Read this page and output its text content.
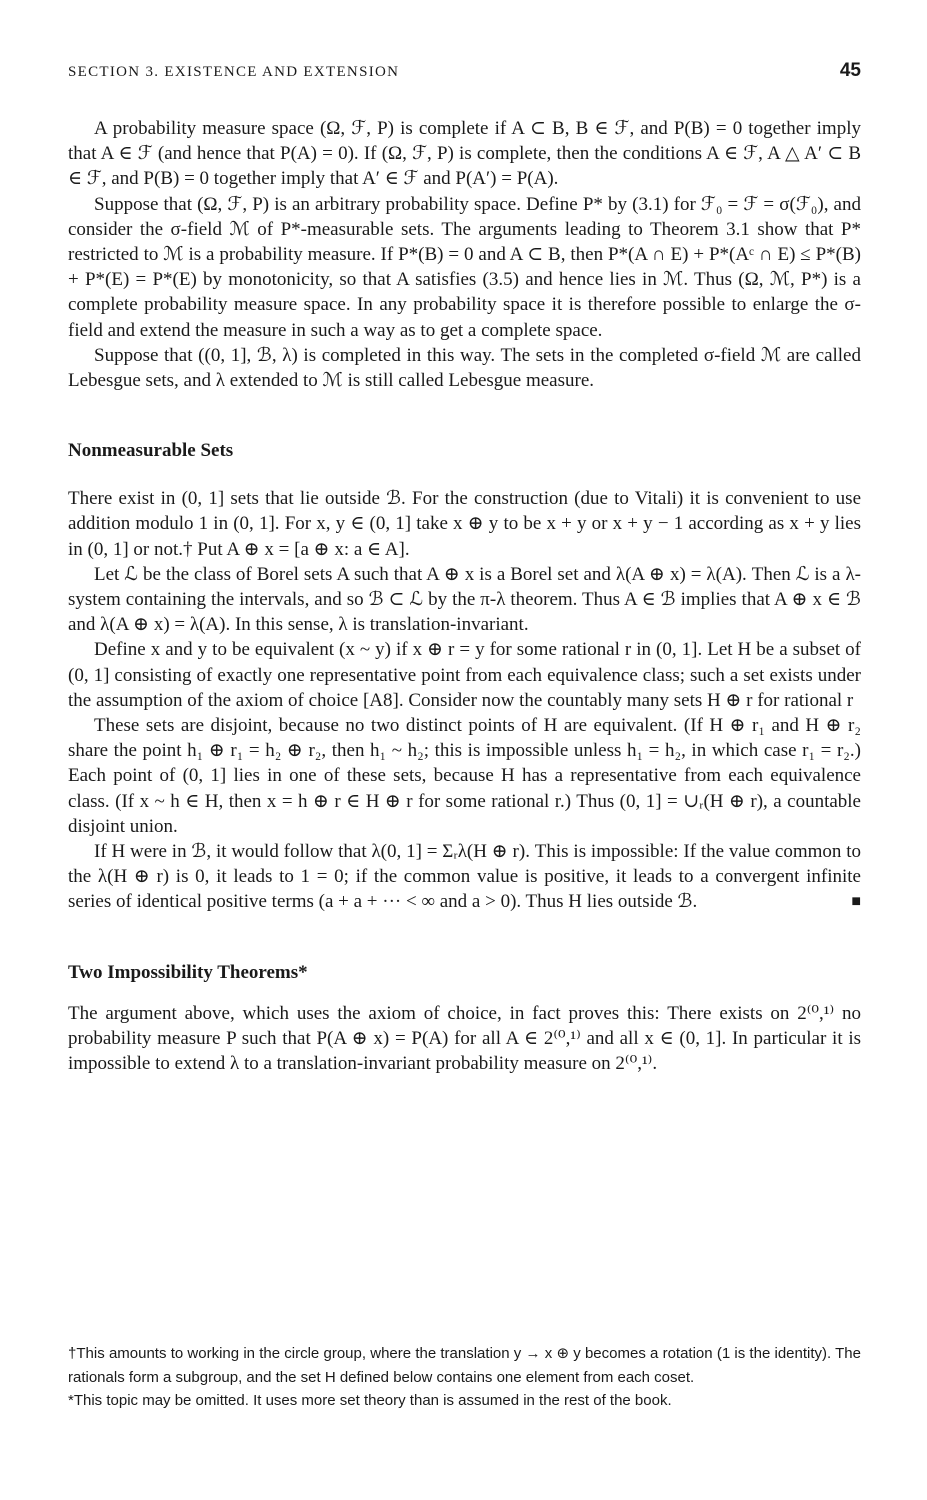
SECTION 3. EXISTENCE AND EXTENSION	45

A probability measure space (Ω, ℱ, P) is complete if A ⊂ B, B ∈ ℱ, and P(B) = 0 together imply that A ∈ ℱ (and hence that P(A) = 0). If (Ω, ℱ, P) is complete, then the conditions A ∈ ℱ, A △ A′ ⊂ B ∈ ℱ, and P(B) = 0 together imply that A′ ∈ ℱ and P(A′) = P(A).

Suppose that (Ω, ℱ, P) is an arbitrary probability space. Define P* by (3.1) for ℱ₀ = ℱ = σ(ℱ₀), and consider the σ-field ℳ of P*-measurable sets. The arguments leading to Theorem 3.1 show that P* restricted to ℳ is a probability measure. If P*(B) = 0 and A ⊂ B, then P*(A ∩ E) + P*(Aᶜ ∩ E) ≤ P*(B) + P*(E) = P*(E) by monotonicity, so that A satisfies (3.5) and hence lies in ℳ. Thus (Ω, ℳ, P*) is a complete probability measure space. In any probability space it is therefore possible to enlarge the σ-field and extend the measure in such a way as to get a complete space.

Suppose that ((0, 1], ℬ, λ) is completed in this way. The sets in the completed σ-field ℳ are called Lebesgue sets, and λ extended to ℳ is still called Lebesgue measure.

Nonmeasurable Sets

There exist in (0, 1] sets that lie outside ℬ. For the construction (due to Vitali) it is convenient to use addition modulo 1 in (0, 1]. For x, y ∈ (0, 1] take x ⊕ y to be x + y or x + y − 1 according as x + y lies in (0, 1] or not.† Put A ⊕ x = [a ⊕ x: a ∈ A].

Let ℒ be the class of Borel sets A such that A ⊕ x is a Borel set and λ(A ⊕ x) = λ(A). Then ℒ is a λ-system containing the intervals, and so ℬ ⊂ ℒ by the π-λ theorem. Thus A ∈ ℬ implies that A ⊕ x ∈ ℬ and λ(A ⊕ x) = λ(A). In this sense, λ is translation-invariant.

Define x and y to be equivalent (x ~ y) if x ⊕ r = y for some rational r in (0, 1]. Let H be a subset of (0, 1] consisting of exactly one representative point from each equivalence class; such a set exists under the assumption of the axiom of choice [A8]. Consider now the countably many sets H ⊕ r for rational r

These sets are disjoint, because no two distinct points of H are equivalent. (If H ⊕ r₁ and H ⊕ r₂ share the point h₁ ⊕ r₁ = h₂ ⊕ r₂, then h₁ ~ h₂; this is impossible unless h₁ = h₂, in which case r₁ = r₂.) Each point of (0, 1] lies in one of these sets, because H has a representative from each equivalence class. (If x ~ h ∈ H, then x = h ⊕ r ∈ H ⊕ r for some rational r.) Thus (0, 1] = ∪ᵣ(H ⊕ r), a countable disjoint union.

If H were in ℬ, it would follow that λ(0, 1] = Σᵣλ(H ⊕ r). This is impossible: If the value common to the λ(H ⊕ r) is 0, it leads to 1 = 0; if the common value is positive, it leads to a convergent infinite series of identical positive terms (a + a + ··· < ∞ and a > 0). Thus H lies outside ℬ.	■

Two Impossibility Theorems*

The argument above, which uses the axiom of choice, in fact proves this: There exists on 2⁽⁰,¹⁾ no probability measure P such that P(A ⊕ x) = P(A) for all A ∈ 2⁽⁰,¹⁾ and all x ∈ (0, 1]. In particular it is impossible to extend λ to a translation-invariant probability measure on 2⁽⁰,¹⁾.

†This amounts to working in the circle group, where the translation y → x ⊕ y becomes a rotation (1 is the identity). The rationals form a subgroup, and the set H defined below contains one element from each coset.

*This topic may be omitted. It uses more set theory than is assumed in the rest of the book.
